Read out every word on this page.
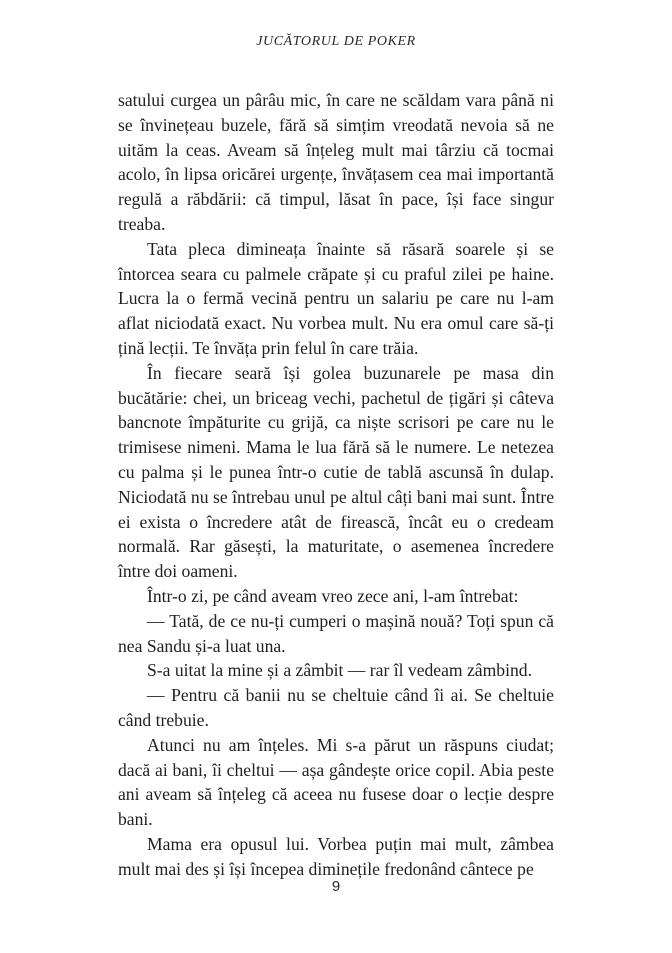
JUCĂTORUL DE POKER

satului curgea un pârâu mic, în care ne scăldam vara până ni se învinețeau buzele, fără să simțim vreodată nevoia să ne uităm la ceas. Aveam să înțeleg mult mai târziu că tocmai acolo, în lipsa oricărei urgențe, învățasem cea mai importantă regulă a răbdării: că timpul, lăsat în pace, își face singur treaba.

Tata pleca dimineața înainte să răsară soarele și se întorcea seara cu palmele crăpate și cu praful zilei pe haine. Lucra la o fermă vecină pentru un salariu pe care nu l-am aflat niciodată exact. Nu vorbea mult. Nu era omul care să-ți țină lecții. Te învăța prin felul în care trăia.

În fiecare seară își golea buzunarele pe masa din bucătărie: chei, un briceag vechi, pachetul de țigări și câteva bancnote împăturite cu grijă, ca niște scrisori pe care nu le trimisese nimeni. Mama le lua fără să le numere. Le netezea cu palma și le punea într-o cutie de tablă ascunsă în dulap. Niciodată nu se întrebau unul pe altul câți bani mai sunt. Între ei exista o încredere atât de firească, încât eu o credeam normală. Rar găsești, la maturitate, o asemenea încredere între doi oameni.

Într-o zi, pe când aveam vreo zece ani, l-am întrebat:

— Tată, de ce nu-ți cumperi o mașină nouă? Toți spun că nea Sandu și-a luat una.

S-a uitat la mine și a zâmbit — rar îl vedeam zâmbind.

— Pentru că banii nu se cheltuie când îi ai. Se cheltuie când trebuie.

Atunci nu am înțeles. Mi s-a părut un răspuns ciudat; dacă ai bani, îi cheltui — așa gândește orice copil. Abia peste ani aveam să înțeleg că aceea nu fusese doar o lecție despre bani.

Mama era opusul lui. Vorbea puțin mai mult, zâmbea mult mai des și își începea diminețile fredonând cântece pe

9
